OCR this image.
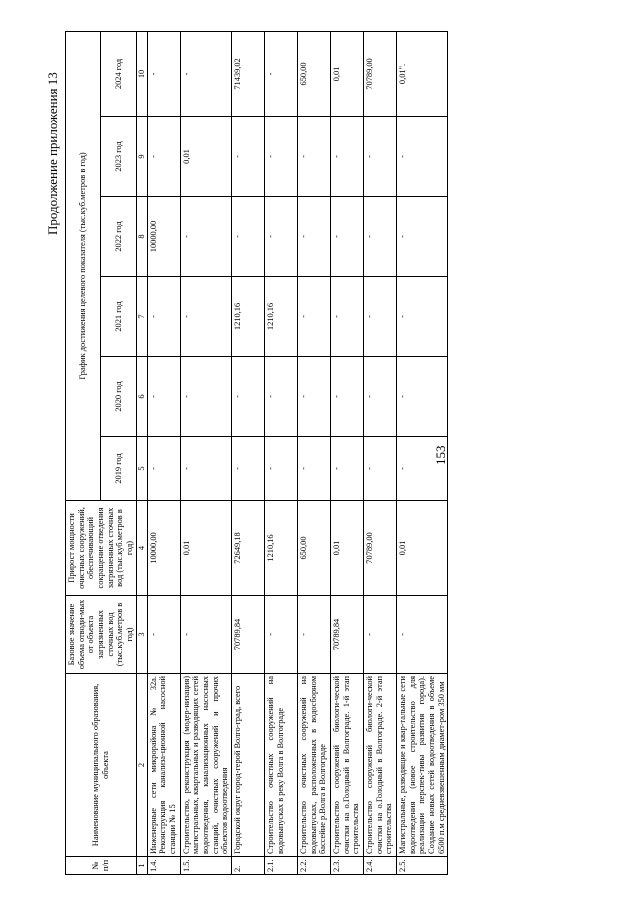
153
Продолжение приложения 13
№ п/п	Наименование муниципального образования, объекта	Базовое значение объема отводи-мых от объекта загрязненных сточных вод (тыс.куб.метров в год)	Прирост мощности очистных сооружений, обеспечивающий сокращение отведения загрязненных сточных вод (тыс.куб.метров в год)	График достижения целевого показателя (тыс.куб.метров в год)					
				2019 год	2020 год	2021 год	2022 год	2023 год	2024 год
1	2	3	4	5	6	7	8	9	10
1.4.	Инженерные сети микрорайона № 32а. Реконструкция канализа-ционной насосной станции № 15	-	10000,00	-	-	-	10000,00	-	-
1.5.	Строительство, реконструкция (модер-низация) магистральных, квартальных и разводящих сетей водоотведения, канализационных насосных станций, очистных сооружений и прочих объектов водоотведения	-	0,01	-	-	-	-	0,01	-
2.	Городской округ город-герой Волго-град, всего	70789,84	72649,18	-	-	1210,16	-	-	71439,02
2.1.	Строительство очистных сооружений на водовыпусках в реку Волга в Волгограде	-	1210,16	-	-	1210,16	-	-	-
2.2.	Строительство очистных сооружений на водовыпусках, расположенных в водосборном бассейне р.Волга в Волгограде	-	650,00	-	-	-	-	-	650,00
2.3.	Строительство сооружений биологи-ческой очистки на о.Голодный в Волгограде. 1-й этап строительства	70789,84	0,01	-	-	-	-	-	0,01
2.4.	Строительство сооружений биологи-ческой очистки на о.Голодный в Волгограде. 2-й этап строительства	-	70789,00	-	-	-	-	-	70789,00
2.5.	Магистральные, разводящие и квар-тальные сети водоотведения (новое строительство для реализации перспек-тивы развития города). Создание новых сетей водоотведения в объеме 6500 п.м средневзвешенным диамет-ром 350 мм	-	0,01	-	-	-	-	-	0,01".
